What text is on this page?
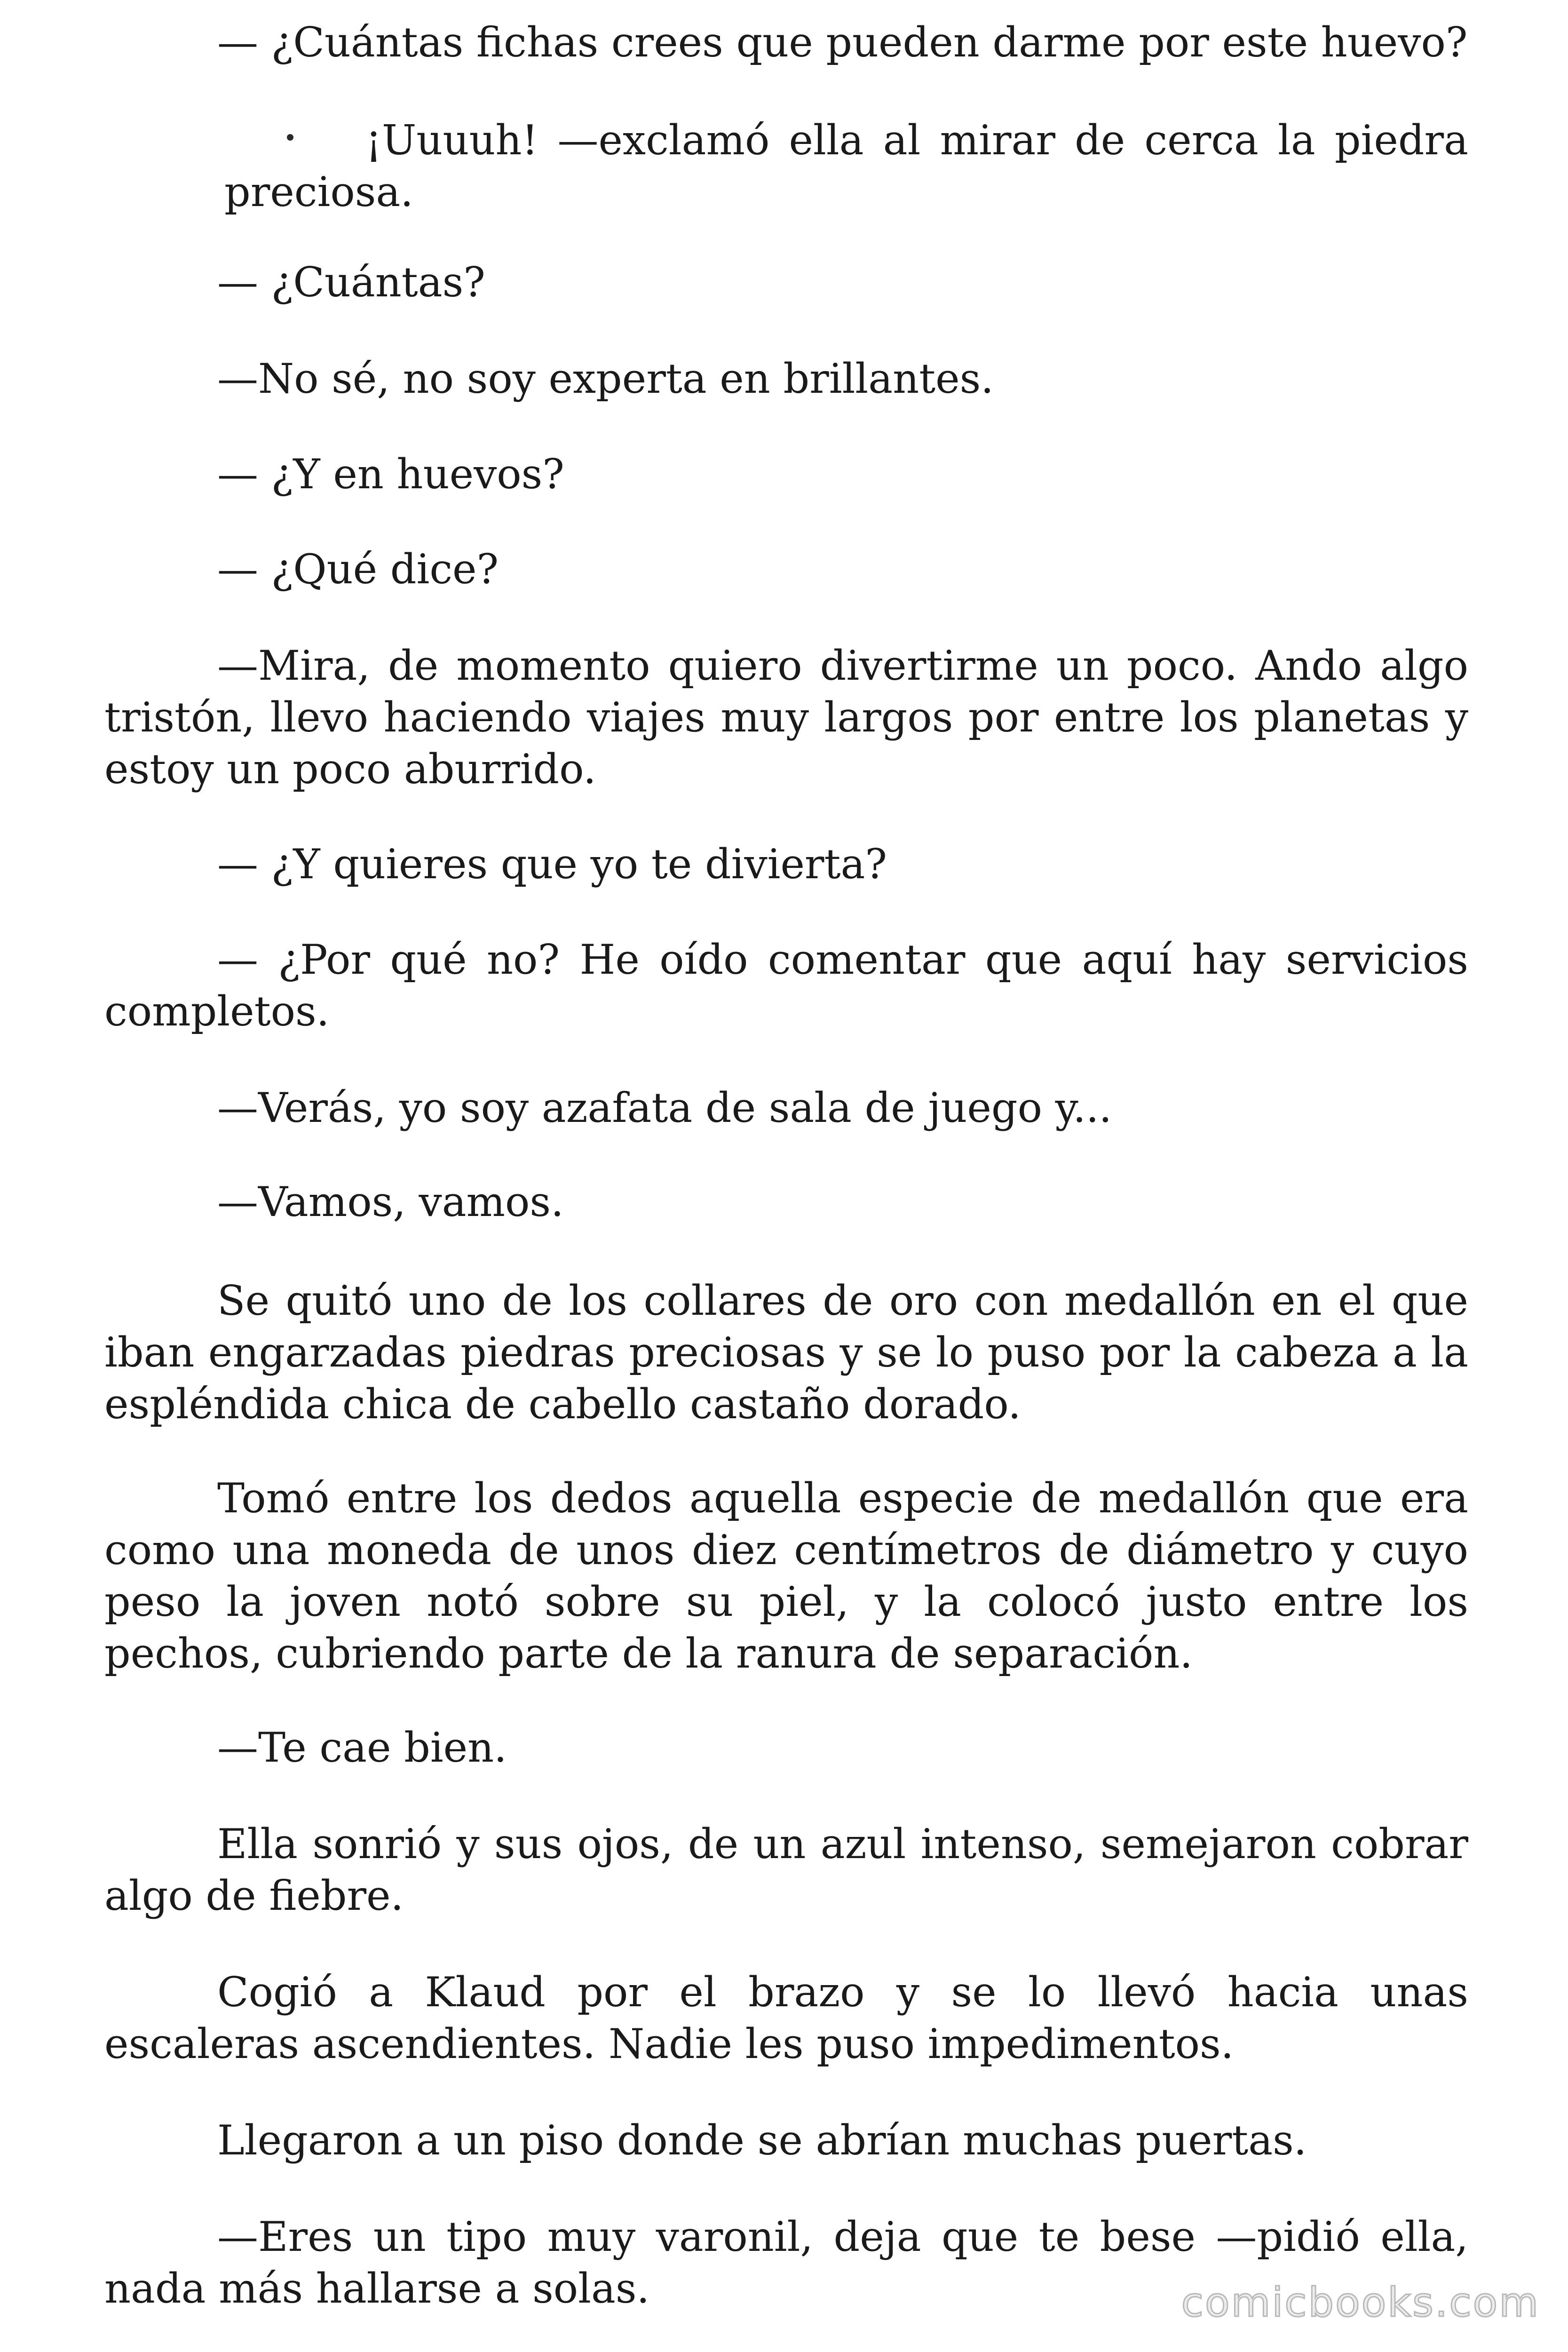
— ¿Cuántas fichas crees que pueden darme por este huevo?

¡Uuuuh! —exclamó ella al mirar de cerca la piedra preciosa.

— ¿Cuántas?

—No sé, no soy experta en brillantes.

— ¿Y en huevos?

— ¿Qué dice?

—Mira, de momento quiero divertirme un poco. Ando algo tristón, llevo haciendo viajes muy largos por entre los planetas y estoy un poco aburrido.

— ¿Y quieres que yo te divierta?

— ¿Por qué no? He oído comentar que aquí hay servicios completos.

—Verás, yo soy azafata de sala de juego y...

—Vamos, vamos.

Se quitó uno de los collares de oro con medallón en el que iban engarzadas piedras preciosas y se lo puso por la cabeza a la espléndida chica de cabello castaño dorado.

Tomó entre los dedos aquella especie de medallón que era como una moneda de unos diez centímetros de diámetro y cuyo peso la joven notó sobre su piel, y la colocó justo entre los pechos, cubriendo parte de la ranura de separación.

—Te cae bien.

Ella sonrió y sus ojos, de un azul intenso, semejaron cobrar algo de fiebre.

Cogió a Klaud por el brazo y se lo llevó hacia unas escaleras ascendientes. Nadie les puso impedimentos.

Llegaron a un piso donde se abrían muchas puertas.

—Eres un tipo muy varonil, deja que te bese —pidió ella, nada más hallarse a solas.	comicbooks.com
